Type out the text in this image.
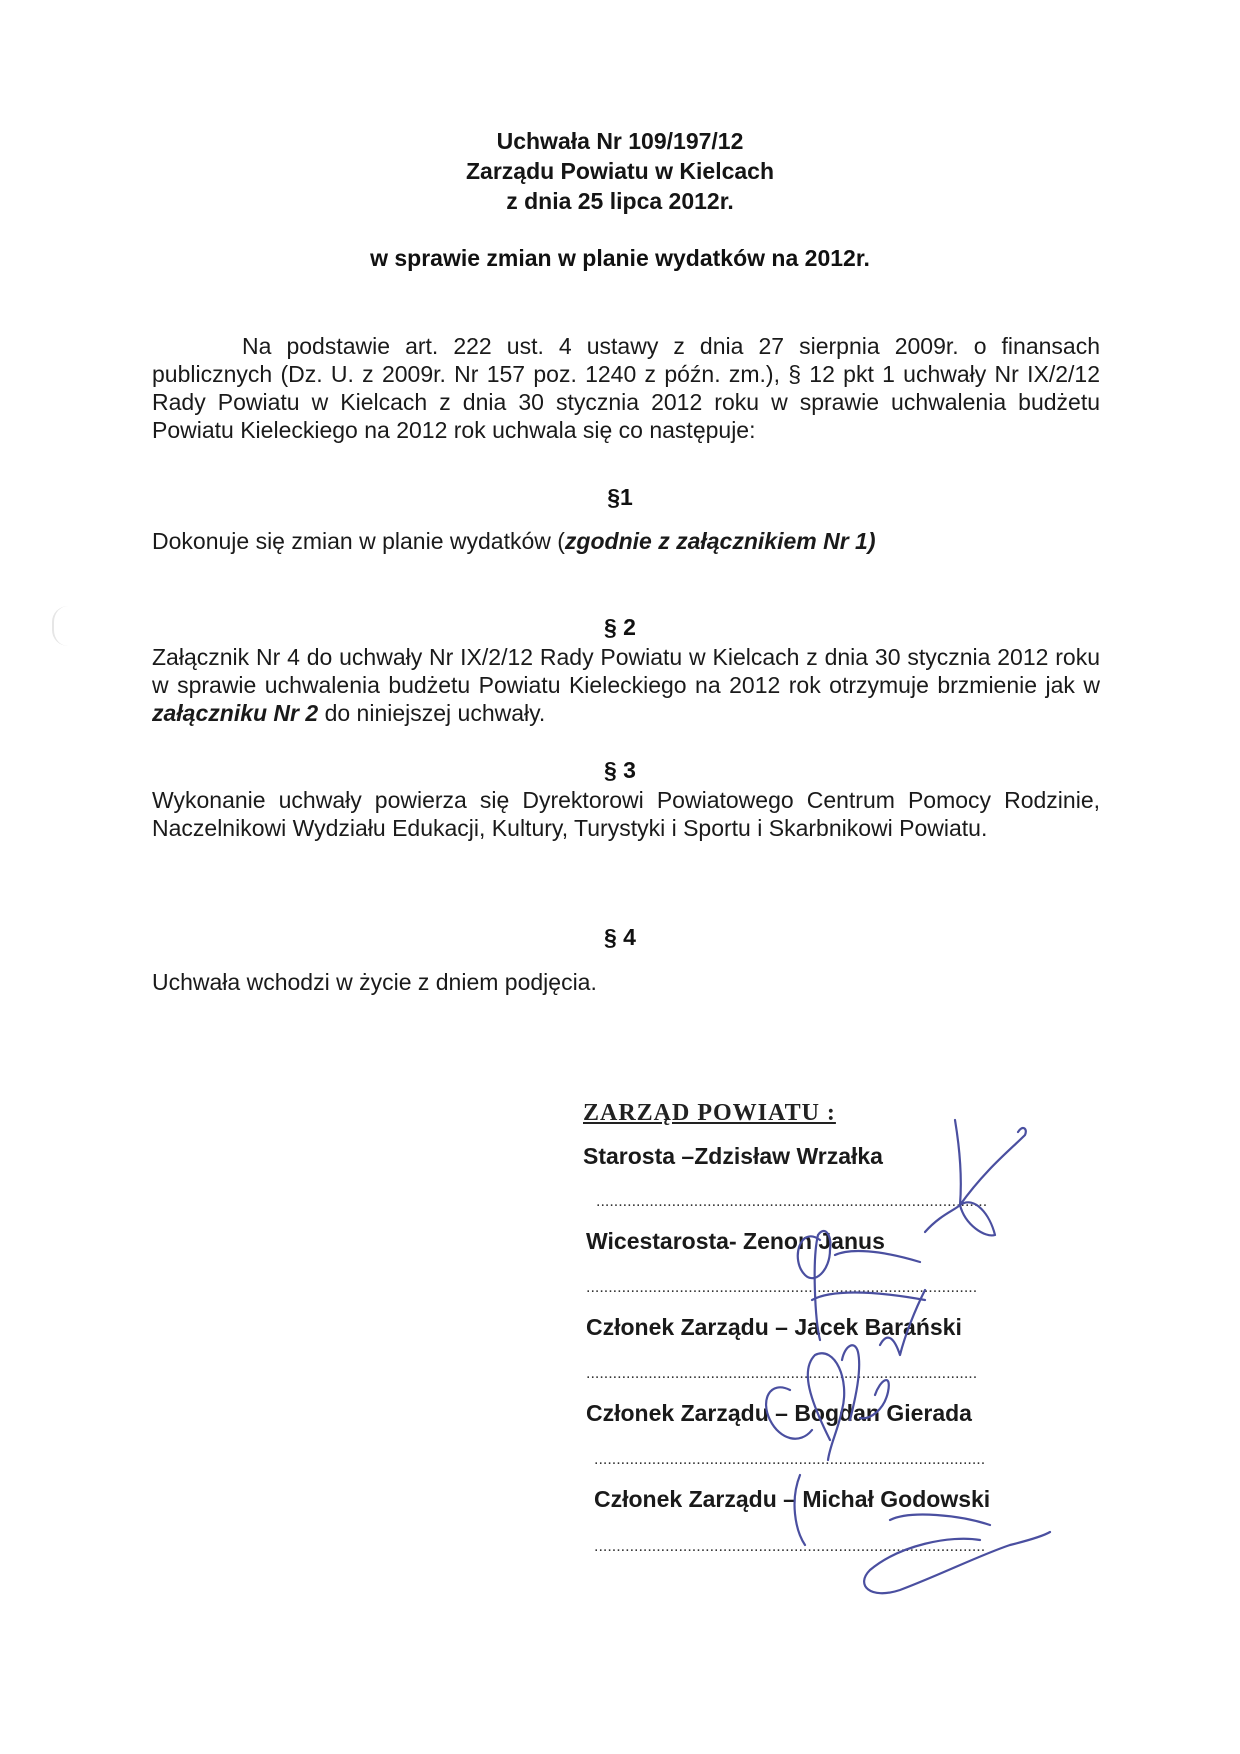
Uchwała Nr 109/197/12
Zarządu Powiatu w Kielcach
z dnia 25 lipca 2012r.
w sprawie zmian w planie wydatków na 2012r.
Na podstawie art. 222 ust. 4 ustawy z dnia 27 sierpnia 2009r. o finansach publicznych (Dz. U. z 2009r. Nr 157 poz. 1240 z późn. zm.), § 12 pkt 1 uchwały Nr IX/2/12 Rady Powiatu w Kielcach z dnia 30 stycznia 2012 roku w sprawie uchwalenia budżetu Powiatu Kieleckiego na 2012 rok uchwala się co następuje:
§1
Dokonuje się zmian w planie wydatków (zgodnie z załącznikiem Nr 1)
§ 2
Załącznik Nr 4 do uchwały Nr IX/2/12 Rady Powiatu w Kielcach z dnia 30 stycznia 2012 roku w sprawie uchwalenia budżetu Powiatu Kieleckiego na 2012 rok otrzymuje brzmienie jak w załączniku Nr 2 do niniejszej uchwały.
§ 3
Wykonanie uchwały powierza się Dyrektorowi Powiatowego Centrum Pomocy Rodzinie, Naczelnikowi Wydziału Edukacji, Kultury, Turystyki i Sportu i Skarbnikowi Powiatu.
§ 4
Uchwała wchodzi w życie z dniem podjęcia.
ZARZĄD POWIATU :
Starosta –Zdzisław Wrzałka
........................................................................................
Wicestarosta- Zenon Janus
........................................................................................
Członek Zarządu – Jacek Barański
........................................................................................
Członek Zarządu – Bogdan Gierada
........................................................................................
Członek Zarządu – Michał Godowski
........................................................................................
